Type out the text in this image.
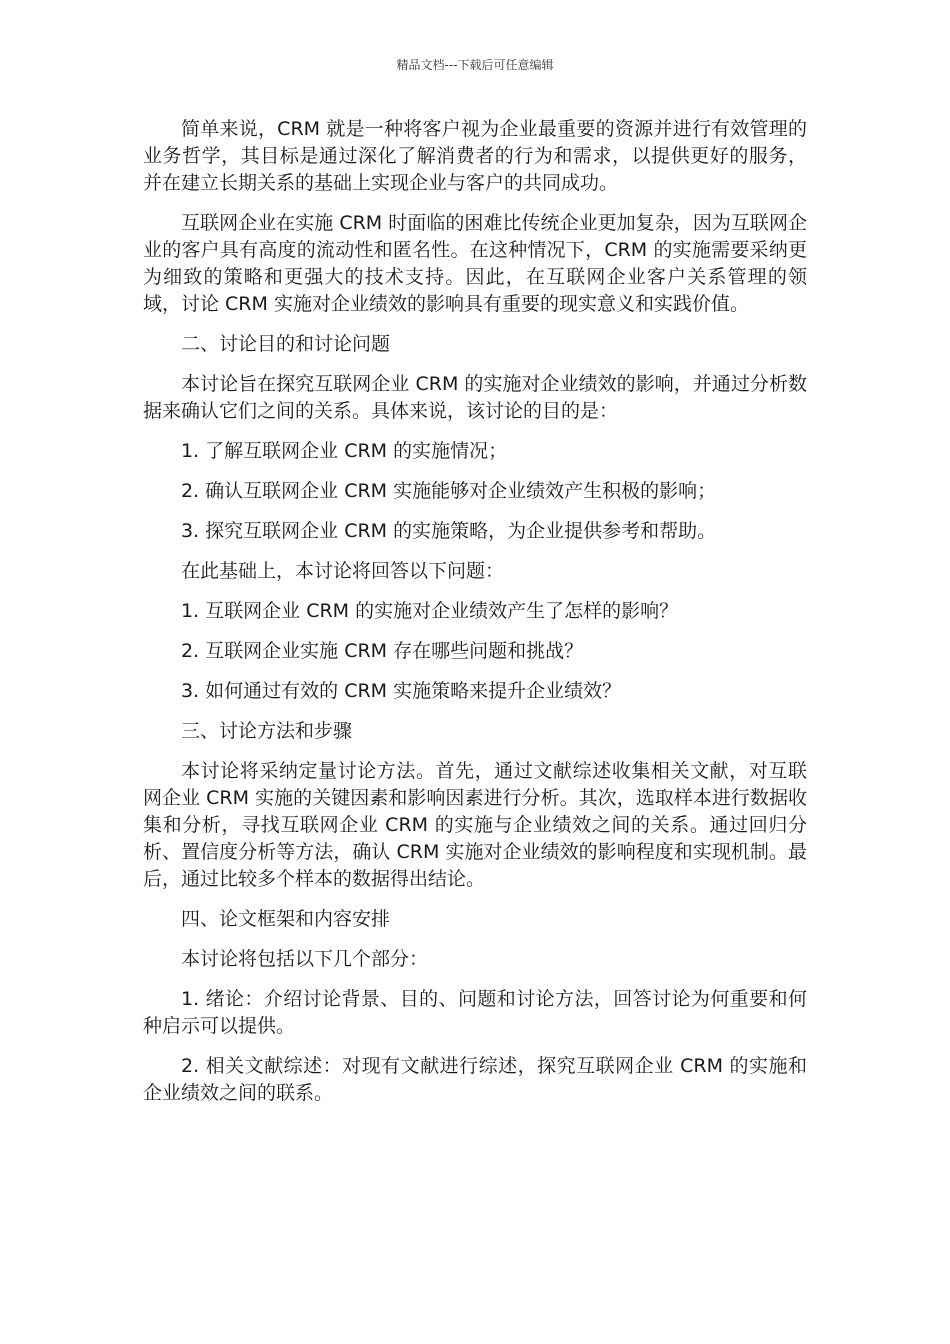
精品文档---下载后可任意编辑

简单来说，CRM 就是一种将客户视为企业最重要的资源并进行有效管理的业务哲学，其目标是通过深化了解消费者的行为和需求，以提供更好的服务，并在建立长期关系的基础上实现企业与客户的共同成功。

互联网企业在实施 CRM 时面临的困难比传统企业更加复杂，因为互联网企业的客户具有高度的流动性和匿名性。在这种情况下，CRM 的实施需要采纳更为细致的策略和更强大的技术支持。因此，在互联网企业客户关系管理的领域，讨论 CRM 实施对企业绩效的影响具有重要的现实意义和实践价值。

二、讨论目的和讨论问题

本讨论旨在探究互联网企业 CRM 的实施对企业绩效的影响，并通过分析数据来确认它们之间的关系。具体来说，该讨论的目的是：

1. 了解互联网企业 CRM 的实施情况；

2. 确认互联网企业 CRM 实施能够对企业绩效产生积极的影响；

3. 探究互联网企业 CRM 的实施策略，为企业提供参考和帮助。

在此基础上，本讨论将回答以下问题：

1. 互联网企业 CRM 的实施对企业绩效产生了怎样的影响？

2. 互联网企业实施 CRM 存在哪些问题和挑战？

3. 如何通过有效的 CRM 实施策略来提升企业绩效？

三、讨论方法和步骤

本讨论将采纳定量讨论方法。首先，通过文献综述收集相关文献，对互联网企业 CRM 实施的关键因素和影响因素进行分析。其次，选取样本进行数据收集和分析，寻找互联网企业 CRM 的实施与企业绩效之间的关系。通过回归分析、置信度分析等方法，确认 CRM 实施对企业绩效的影响程度和实现机制。最后，通过比较多个样本的数据得出结论。

四、论文框架和内容安排

本讨论将包括以下几个部分：

1. 绪论：介绍讨论背景、目的、问题和讨论方法，回答讨论为何重要和何种启示可以提供。

2. 相关文献综述：对现有文献进行综述，探究互联网企业 CRM 的实施和企业绩效之间的联系。
